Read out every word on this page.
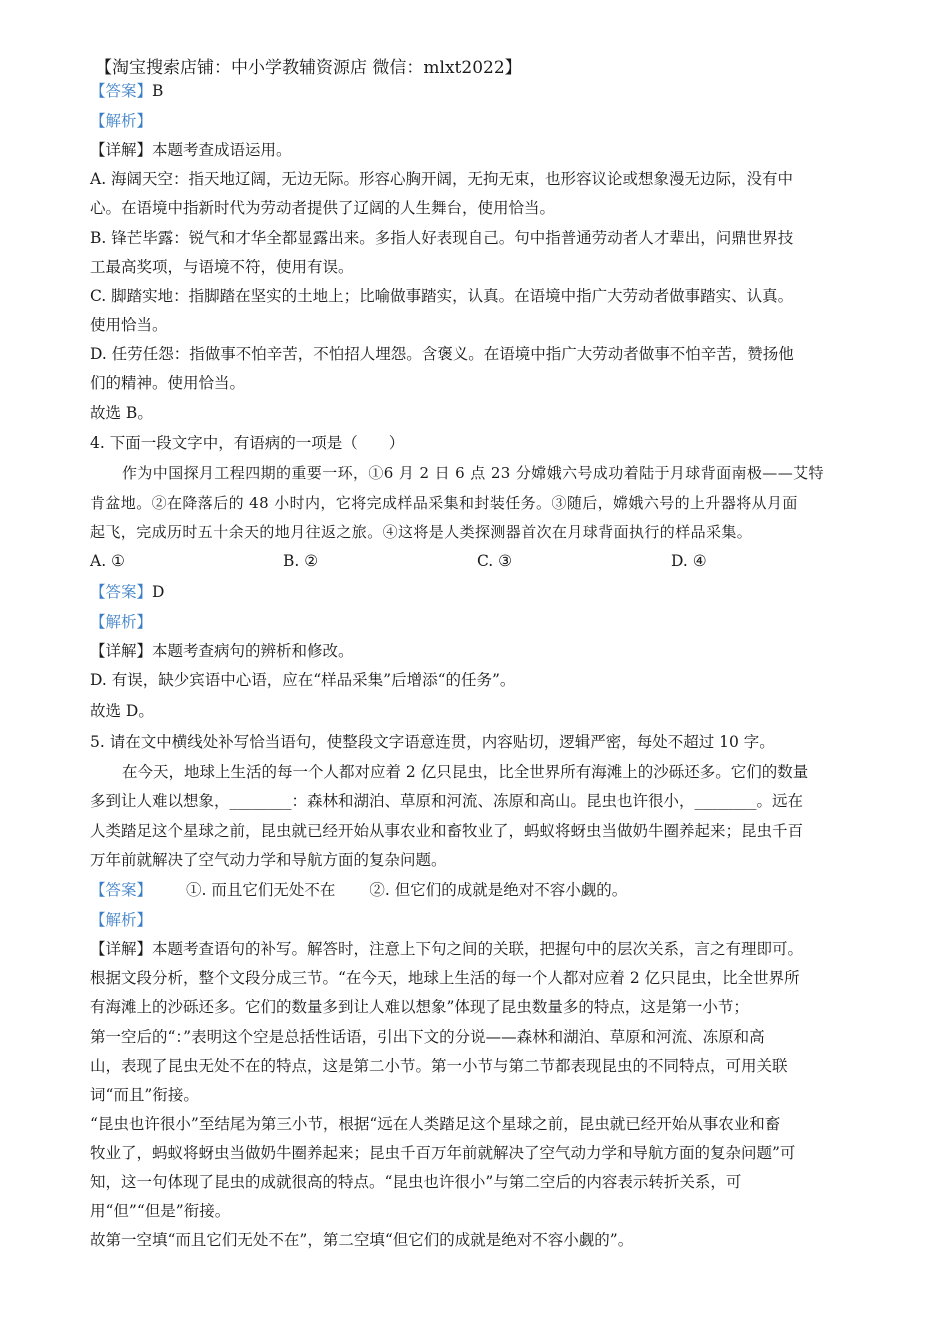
【淘宝搜索店铺：中小学教辅资源店 微信：mlxt2022】
【答案】B
【解析】
【详解】本题考查成语运用。
A. 海阔天空：指天地辽阔，无边无际。形容心胸开阔，无拘无束，也形容议论或想象漫无边际，没有中
心。在语境中指新时代为劳动者提供了辽阔的人生舞台，使用恰当。
B. 锋芒毕露：锐气和才华全都显露出来。多指人好表现自己。句中指普通劳动者人才辈出，问鼎世界技
工最高奖项，与语境不符，使用有误。
C. 脚踏实地：指脚踏在坚实的土地上；比喻做事踏实，认真。在语境中指广大劳动者做事踏实、认真。
使用恰当。
D. 任劳任怨：指做事不怕辛苦，不怕招人埋怨。含褒义。在语境中指广大劳动者做事不怕辛苦，赞扬他
们的精神。使用恰当。
故选 B。
4. 下面一段文字中，有语病的一项是（　　）
作为中国探月工程四期的重要一环，①6 月 2 日 6 点 23 分嫦娥六号成功着陆于月球背面南极——艾特
肯盆地。②在降落后的 48 小时内，它将完成样品采集和封装任务。③随后，嫦娥六号的上升器将从月面
起飞，完成历时五十余天的地月往返之旅。④这将是人类探测器首次在月球背面执行的样品采集。
A. ①	B. ②	C. ③	D. ④
【答案】D
【解析】
【详解】本题考查病句的辨析和修改。
D. 有误，缺少宾语中心语，应在“样品采集”后增添“的任务”。
故选 D。
5. 请在文中横线处补写恰当语句，使整段文字语意连贯，内容贴切，逻辑严密，每处不超过 10 字。
在今天，地球上生活的每一个人都对应着 2 亿只昆虫，比全世界所有海滩上的沙砾还多。它们的数量
多到让人难以想象，________：森林和湖泊、草原和河流、冻原和高山。昆虫也许很小，________。远在
人类踏足这个星球之前，昆虫就已经开始从事农业和畜牧业了，蚂蚁将蚜虫当做奶牛圈养起来；昆虫千百
万年前就解决了空气动力学和导航方面的复杂问题。
【答案】 ①. 而且它们无处不在 ②. 但它们的成就是绝对不容小觑的。
【解析】
【详解】本题考查语句的补写。解答时，注意上下句之间的关联，把握句中的层次关系，言之有理即可。
根据文段分析，整个文段分成三节。“在今天，地球上生活的每一个人都对应着 2 亿只昆虫，比全世界所
有海滩上的沙砾还多。它们的数量多到让人难以想象”体现了昆虫数量多的特点，这是第一小节；
第一空后的“：”表明这个空是总括性话语，引出下文的分说——森林和湖泊、草原和河流、冻原和高
山，表现了昆虫无处不在的特点，这是第二小节。第一小节与第二节都表现昆虫的不同特点，可用关联
词“而且”衔接。
“昆虫也许很小”至结尾为第三小节，根据“远在人类踏足这个星球之前，昆虫就已经开始从事农业和畜
牧业了，蚂蚁将蚜虫当做奶牛圈养起来；昆虫千百万年前就解决了空气动力学和导航方面的复杂问题”可
知，这一句体现了昆虫的成就很高的特点。“昆虫也许很小”与第二空后的内容表示转折关系，可
用“但”“但是”衔接。
故第一空填“而且它们无处不在”，第二空填“但它们的成就是绝对不容小觑的”。
